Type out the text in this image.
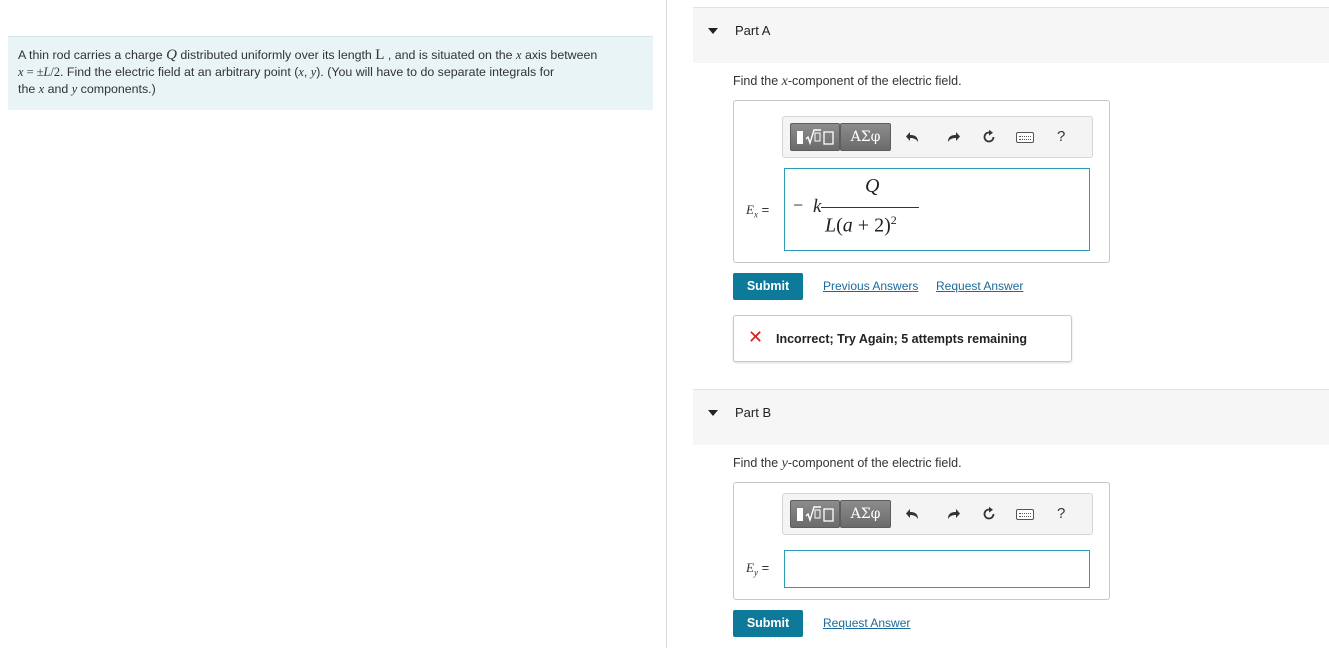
A thin rod carries a charge Q distributed uniformly over its length L , and is situated on the x axis between
x = ±L/2. Find the electric field at an arbitrary point (x, y). (You will have to do separate integrals for
the x and y components.)
Part A
Find the x-component of the electric field.
ΑΣφ	?
$E_x$ = − k
Q
$L(a + 2)^2$
Submit	Previous Answers Request Answer
✕ Incorrect; Try Again; 5 attempts remaining
Part B
Find the y-component of the electric field.
ΑΣφ	?
$E_y$ =
Submit	Request Answer
